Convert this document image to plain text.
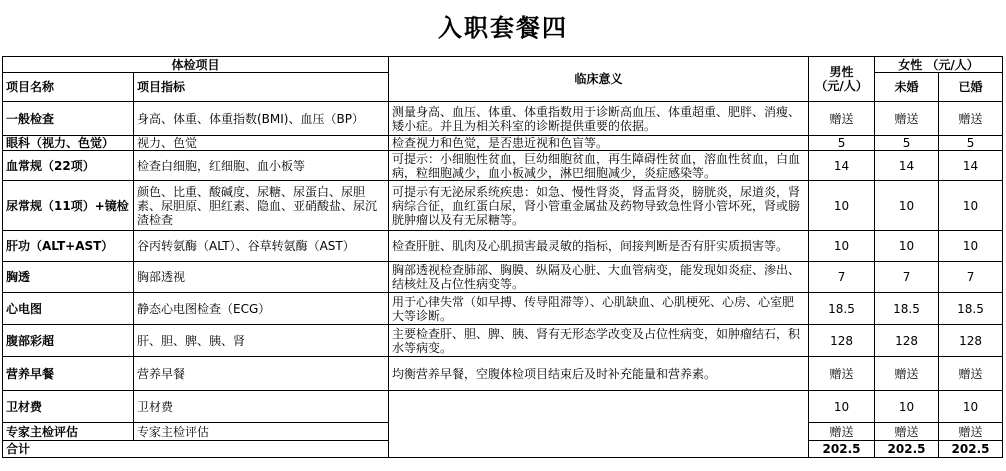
入职套餐四
体检项目		临床意义	男性
（元/人）	女性 （元/人）	
项目名称	项目指标			未婚	已婚
一般检查	身高、体重、体重指数(BMI)、血压（BP）	测量身高、血压、体重、体重指数用于诊断高血压、体重超重、肥胖、消瘦、矮小症。并且为相关科室的诊断提供重要的依据。	赠送	赠送	赠送
眼科（视力、色觉）	视力、色觉	检查视力和色觉，是否患近视和色盲等。	5	5	5
血常规（22项）	检查白细胞，红细胞、血小板等	可提示：小细胞性贫血，巨幼细胞贫血，再生障碍性贫血，溶血性贫血，白血病，粒细胞减少，血小板减少，淋巴细胞减少，炎症感染等。	14	14	14
尿常规（11项）+镜检	颜色、比重、酸碱度、尿糖、尿蛋白、尿胆素、尿胆原、胆红素、隐血、亚硝酸盐、尿沉渣检查	可提示有无泌尿系统疾患：如急、慢性肾炎，肾盂肾炎，膀胱炎，尿道炎，肾病综合征，血红蛋白尿，肾小管重金属盐及药物导致急性肾小管坏死，肾或膀胱肿瘤以及有无尿糖等。	10	10	10
肝功（ALT+AST）	谷丙转氨酶（ALT）、谷草转氨酶（AST）	检查肝脏、肌肉及心肌损害最灵敏的指标，间接判断是否有肝实质损害等。	10	10	10
胸透	胸部透视	胸部透视检查肺部、胸膜、纵隔及心脏、大血管病变，能发现如炎症、渗出、结核灶及占位性病变等。	7	7	7
心电图	静态心电图检查（ECG）	用于心律失常（如早搏、传导阻滞等）、心肌缺血、心肌梗死、心房、心室肥大等诊断。	18.5	18.5	18.5
腹部彩超	肝、胆、脾、胰、肾	主要检查肝、胆、脾、胰、肾有无形态学改变及占位性病变，如肿瘤结石，积水等病变。	128	128	128
营养早餐	营养早餐	均衡营养早餐，空腹体检项目结束后及时补充能量和营养素。	赠送	赠送	赠送
卫材费	卫材费		10	10	10
专家主检评估	专家主检评估		赠送	赠送	赠送
合计			202.5	202.5	202.5
